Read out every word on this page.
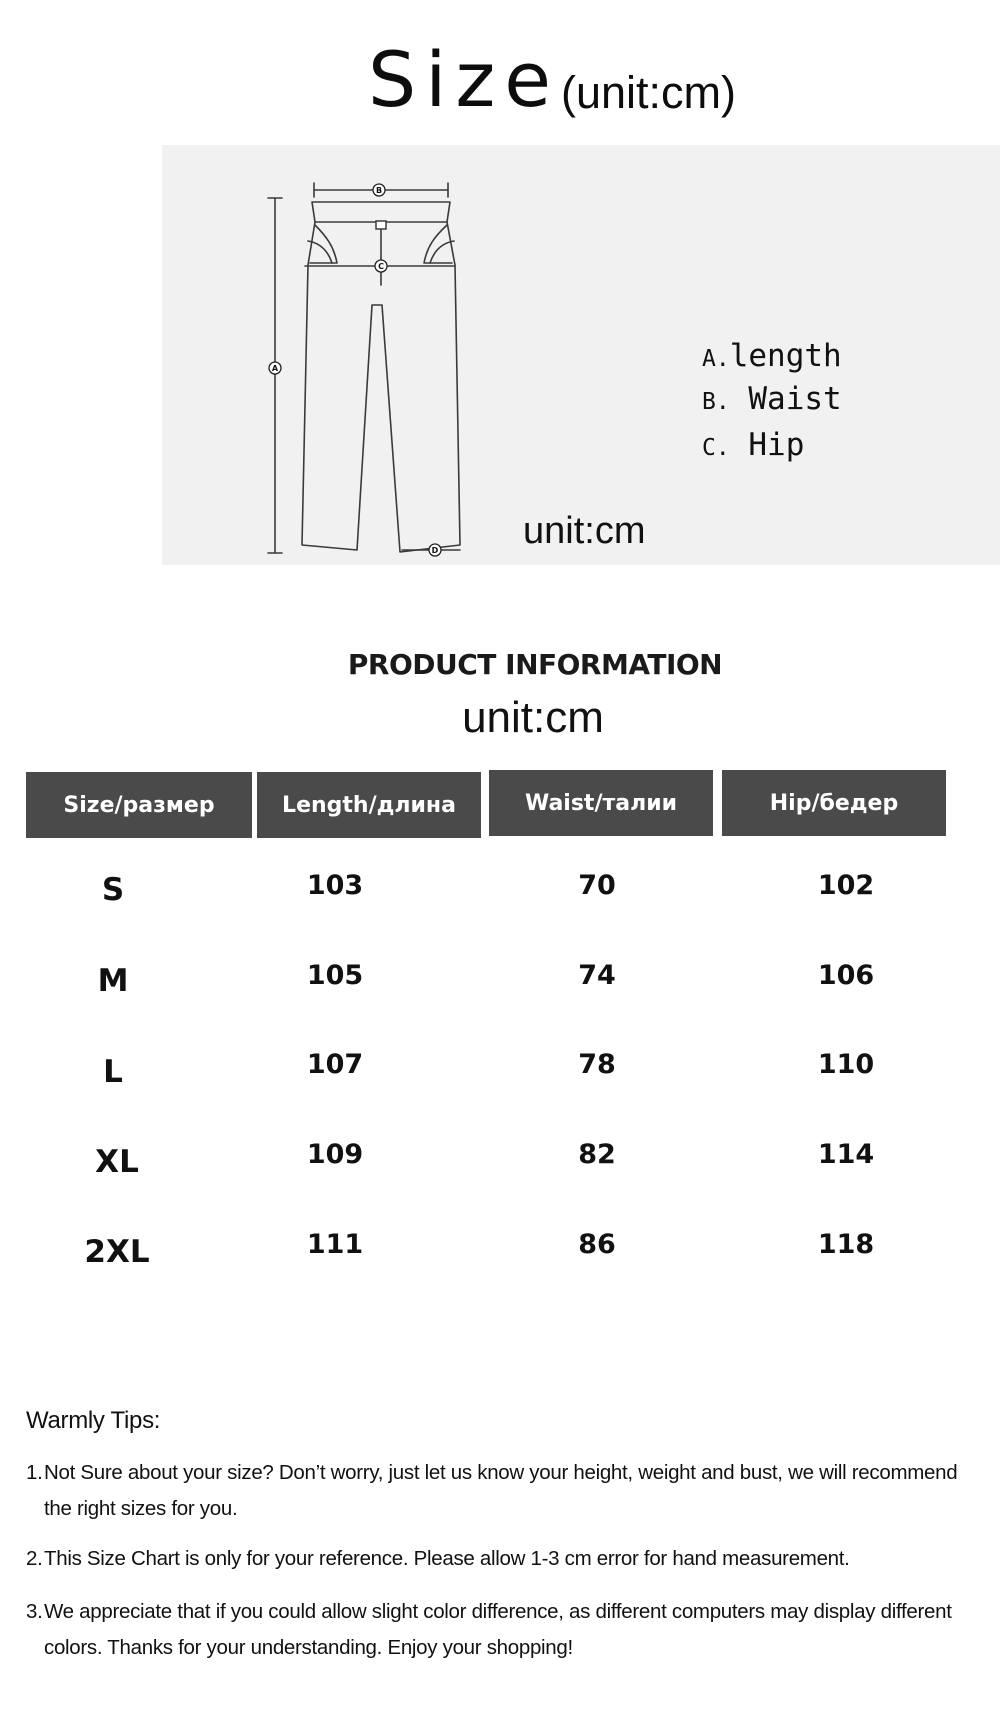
Size (unit:cm)
A
B
C
D
A.length
B. Waist
C. Hip
unit:cm
PRODUCT INFORMATION
unit:cm
Size/размер	Length/длина	Waist/талии	Hip/бедер
S	103	70	102
M	105	74	106
L	107	78	110
XL	109	82	114
2XL	111	86	118
Warmly Tips:
1. Not Sure about your size? Don’t worry, just let us know your height, weight and bust, we will recommend the right sizes for you.
2. This Size Chart is only for your reference. Please allow 1-3 cm error for hand measurement.
3. We appreciate that if you could allow slight color difference, as different computers may display different colors. Thanks for your understanding. Enjoy your shopping!
